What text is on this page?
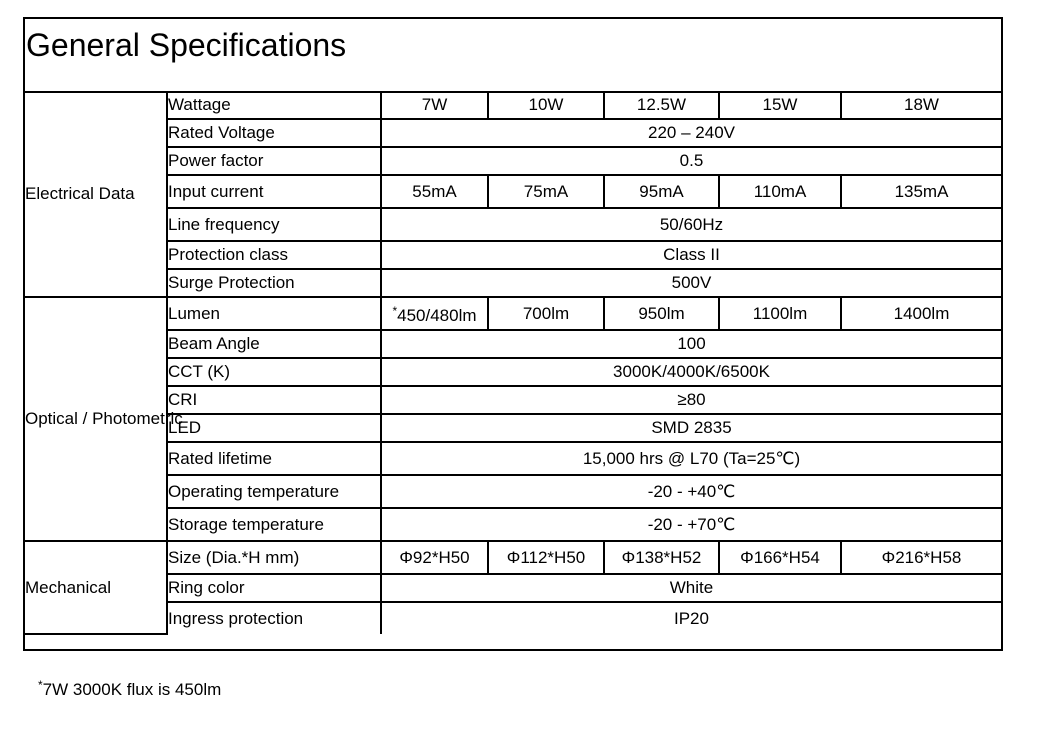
General Specifications
Electrical Data	Wattage	7W	10W	12.5W	15W	18W
	Rated Voltage	220 – 240V				
	Power factor	0.5				
	Input current	55mA	75mA	95mA	110mA	135mA
	Line frequency	50/60Hz				
	Protection class	Class II				
	Surge Protection	500V				
Optical / Photometric	Lumen	*450/480lm	700lm	950lm	1100lm	1400lm
	Beam Angle	100				
	CCT (K)	3000K/4000K/6500K				
	CRI	≥80				
	LED	SMD 2835				
	Rated lifetime	15,000 hrs @ L70 (Ta=25℃)				
	Operating temperature	-20 - +40℃				
	Storage temperature	-20 - +70℃				
Mechanical	Size (Dia.*H mm)	Φ92*H50	Φ112*H50	Φ138*H52	Φ166*H54	Φ216*H58
	Ring color	White				
	Ingress protection	IP20				
*7W 3000K flux is 450lm
